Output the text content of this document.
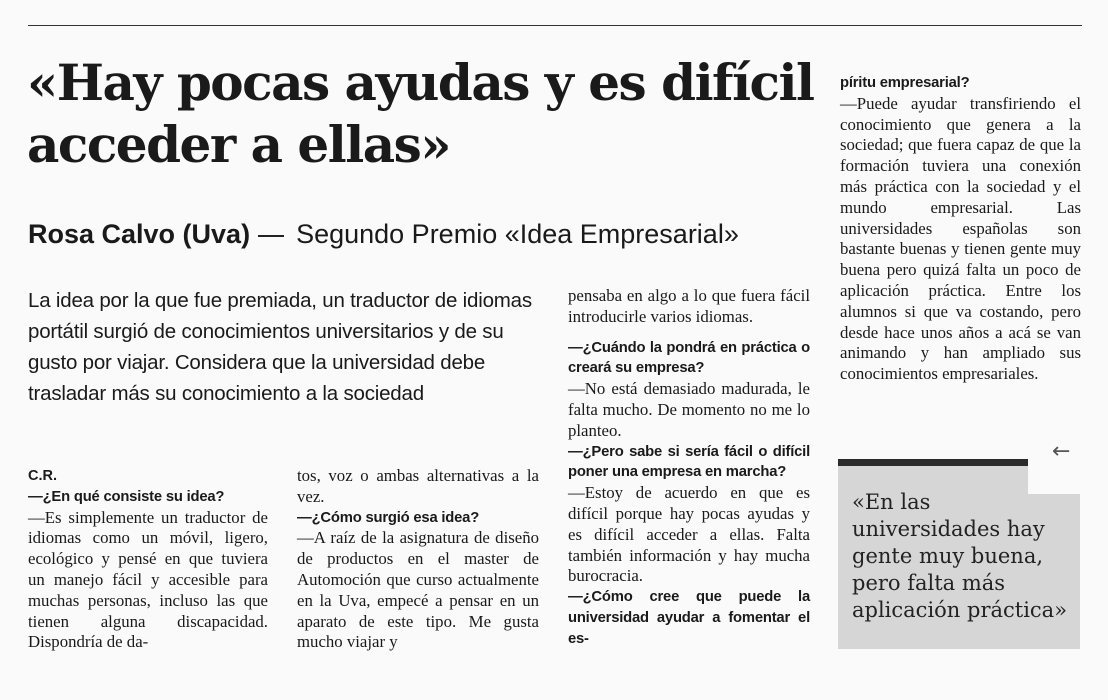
«Hay pocas ayudas y es difícil
acceder a ellas»
Rosa Calvo (Uva) Segundo Premio «Idea Empresarial»
La idea por la que fue premiada, un traductor de idiomas portátil surgió de conocimientos universitarios y de su gusto por viajar. Considera que la universidad debe trasladar más su conocimiento a la sociedad

C.R.

—¿En qué consiste su idea?

—Es simplemente un traductor de idiomas como un móvil, ligero, ecológico y pensé en que tuviera un manejo fácil y accesible para muchas personas, incluso las que tienen alguna discapacidad. Dispondría de da-

tos, voz o ambas alternativas a la vez.

—¿Cómo surgió esa idea?

—A raíz de la asignatura de diseño de productos en el master de Automoción que curso actualmente en la Uva, empecé a pensar en un aparato de este tipo. Me gusta mucho viajar y

pensaba en algo a lo que fuera fácil introducirle varios idiomas.

—¿Cuándo la pondrá en práctica o creará su empresa?

—No está demasiado madurada, le falta mucho. De momento no me lo planteo.

—¿Pero sabe si sería fácil o difícil poner una empresa en marcha?

—Estoy de acuerdo en que es difícil porque hay pocas ayudas y es difícil acceder a ellas. Falta también información y hay mucha burocracia.

—¿Cómo cree que puede la universidad ayudar a fomentar el es-

píritu empresarial?

—Puede ayudar transfiriendo el conocimiento que genera a la sociedad; que fuera capaz de que la formación tuviera una conexión más práctica con la sociedad y el mundo empresarial. Las universidades españolas son bastante buenas y tienen gente muy buena pero quizá falta un poco de aplicación práctica. Entre los alumnos si que va costando, pero desde hace unos años a acá se van animando y han ampliado sus conocimientos empresariales.

«En las universidades hay gente muy buena, pero falta más aplicación práctica»
←
